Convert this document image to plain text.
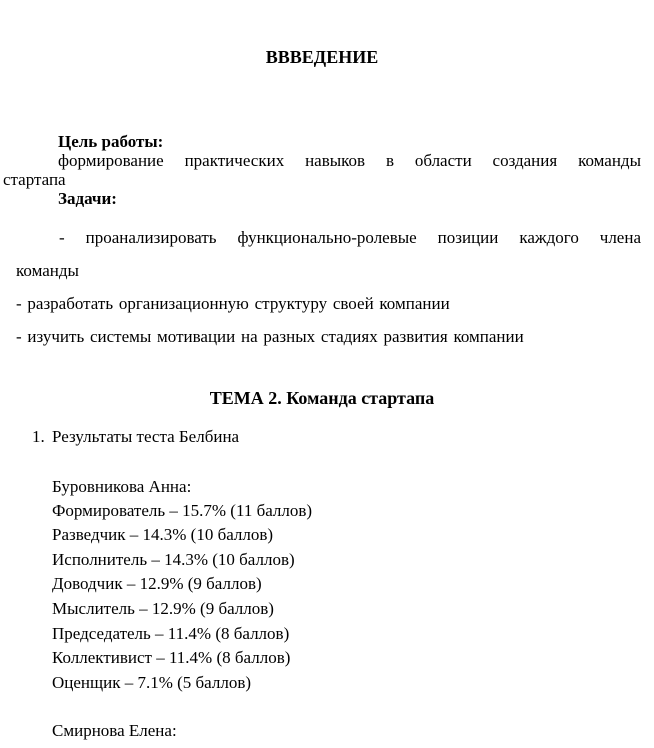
ВВВЕДЕНИЕ
Цель работы:
формирование практических навыков в области создания команды
стартапа
Задачи:
- проанализировать функционально-ролевые позиции каждого члена
команды
- разработать организационную структуру своей компании
- изучить системы мотивации на разных стадиях развития компании
ТЕМА 2. Команда стартапа
1. Результаты теста Белбина
Буровникова Анна:
Формирователь – 15.7% (11 баллов)
Разведчик – 14.3% (10 баллов)
Исполнитель – 14.3% (10 баллов)
Доводчик – 12.9% (9 баллов)
Мыслитель – 12.9% (9 баллов)
Председатель – 11.4% (8 баллов)
Коллективист – 11.4% (8 баллов)
Оценщик – 7.1% (5 баллов)
Смирнова Елена:
